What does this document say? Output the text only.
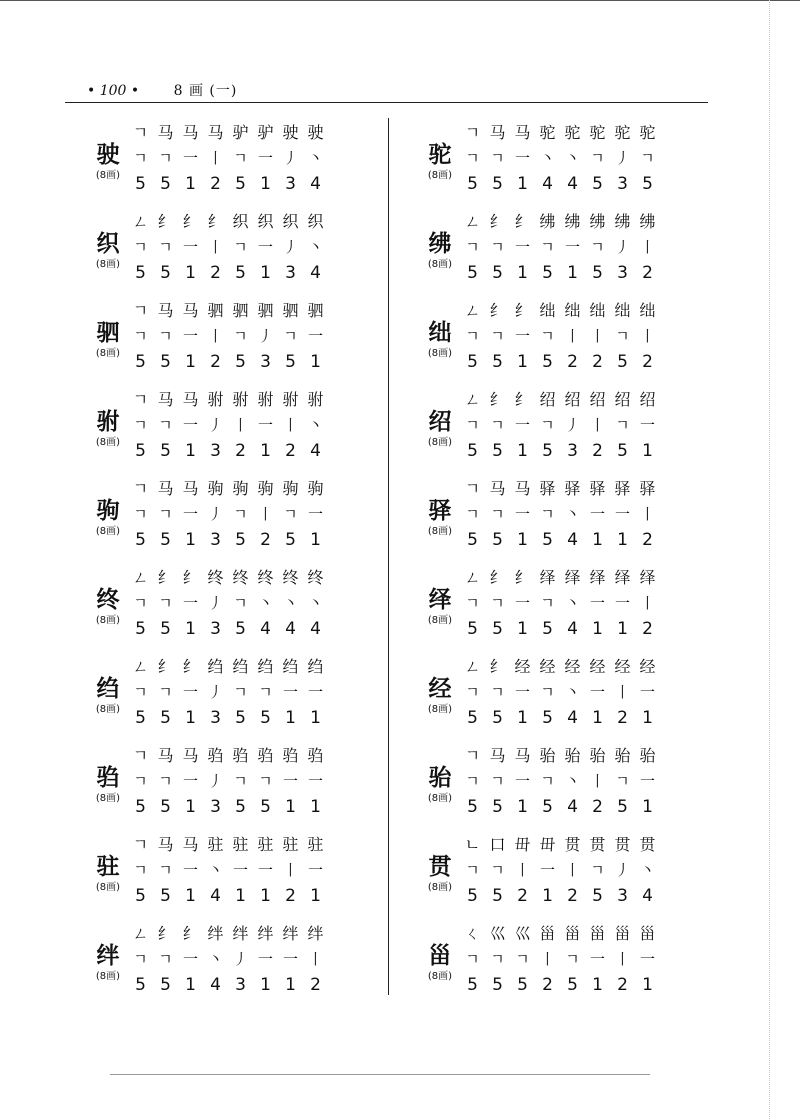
• 100 • 8 画 (一)
驶
(8画)
ㄱ 马 马 马 驴 驴 驶 驶
ㄱ ㄱ 一 丨 ㄱ 一 丿 丶
5 5 1 2 5 1 3 4
织
(8画)
ㄥ 纟 纟 纟 织 织 织 织
ㄱ ㄱ 一 丨 ㄱ 一 丿 丶
5 5 1 2 5 1 3 4
驷
(8画)
ㄱ 马 马 驷 驷 驷 驷 驷
ㄱ ㄱ 一 丨 ㄱ 丿 ㄱ 一
5 5 1 2 5 3 5 1
驸
(8画)
ㄱ 马 马 驸 驸 驸 驸 驸
ㄱ ㄱ 一 丿 丨 一 丨 丶
5 5 1 3 2 1 2 4
驹
(8画)
ㄱ 马 马 驹 驹 驹 驹 驹
ㄱ ㄱ 一 丿 ㄱ 丨 ㄱ 一
5 5 1 3 5 2 5 1
终
(8画)
ㄥ 纟 纟 终 终 终 终 终
ㄱ ㄱ 一 丿 ㄱ 丶 丶 丶
5 5 1 3 5 4 4 4
绉
(8画)
ㄥ 纟 纟 绉 绉 绉 绉 绉
ㄱ ㄱ 一 丿 ㄱ ㄱ 一 一
5 5 1 3 5 5 1 1
驺
(8画)
ㄱ 马 马 驺 驺 驺 驺 驺
ㄱ ㄱ 一 丿 ㄱ ㄱ 一 一
5 5 1 3 5 5 1 1
驻
(8画)
ㄱ 马 马 驻 驻 驻 驻 驻
ㄱ ㄱ 一 丶 一 一 丨 一
5 5 1 4 1 1 2 1
绊
(8画)
ㄥ 纟 纟 绊 绊 绊 绊 绊
ㄱ ㄱ 一 丶 丿 一 一 丨
5 5 1 4 3 1 1 2
驼
(8画)
ㄱ 马 马 驼 驼 驼 驼 驼
ㄱ ㄱ 一 丶 丶 ㄱ 丿 ㄱ
5 5 1 4 4 5 3 5
绋
(8画)
ㄥ 纟 纟 绋 绋 绋 绋 绋
ㄱ ㄱ 一 ㄱ 一 ㄱ 丿 丨
5 5 1 5 1 5 3 2
绌
(8画)
ㄥ 纟 纟 绌 绌 绌 绌 绌
ㄱ ㄱ 一 ㄱ 丨 丨 ㄱ 丨
5 5 1 5 2 2 5 2
绍
(8画)
ㄥ 纟 纟 绍 绍 绍 绍 绍
ㄱ ㄱ 一 ㄱ 丿 丨 ㄱ 一
5 5 1 5 3 2 5 1
驿
(8画)
ㄱ 马 马 驿 驿 驿 驿 驿
ㄱ ㄱ 一 ㄱ 丶 一 一 丨
5 5 1 5 4 1 1 2
绎
(8画)
ㄥ 纟 纟 绎 绎 绎 绎 绎
ㄱ ㄱ 一 ㄱ 丶 一 一 丨
5 5 1 5 4 1 1 2
经
(8画)
ㄥ 纟 经 经 经 经 经 经
ㄱ ㄱ 一 ㄱ 丶 一 丨 一
5 5 1 5 4 1 2 1
骀
(8画)
ㄱ 马 马 骀 骀 骀 骀 骀
ㄱ ㄱ 一 ㄱ 丶 丨 ㄱ 一
5 5 1 5 4 2 5 1
贯
(8画)
ㄴ 口 毌 毌 贯 贯 贯 贯
ㄱ ㄱ 丨 一 丨 ㄱ 丿 丶
5 5 2 1 2 5 3 4
甾
(8画)
ㄑ 巛 巛 甾 甾 甾 甾 甾
ㄱ ㄱ ㄱ 丨 ㄱ 一 丨 一
5 5 5 2 5 1 2 1
